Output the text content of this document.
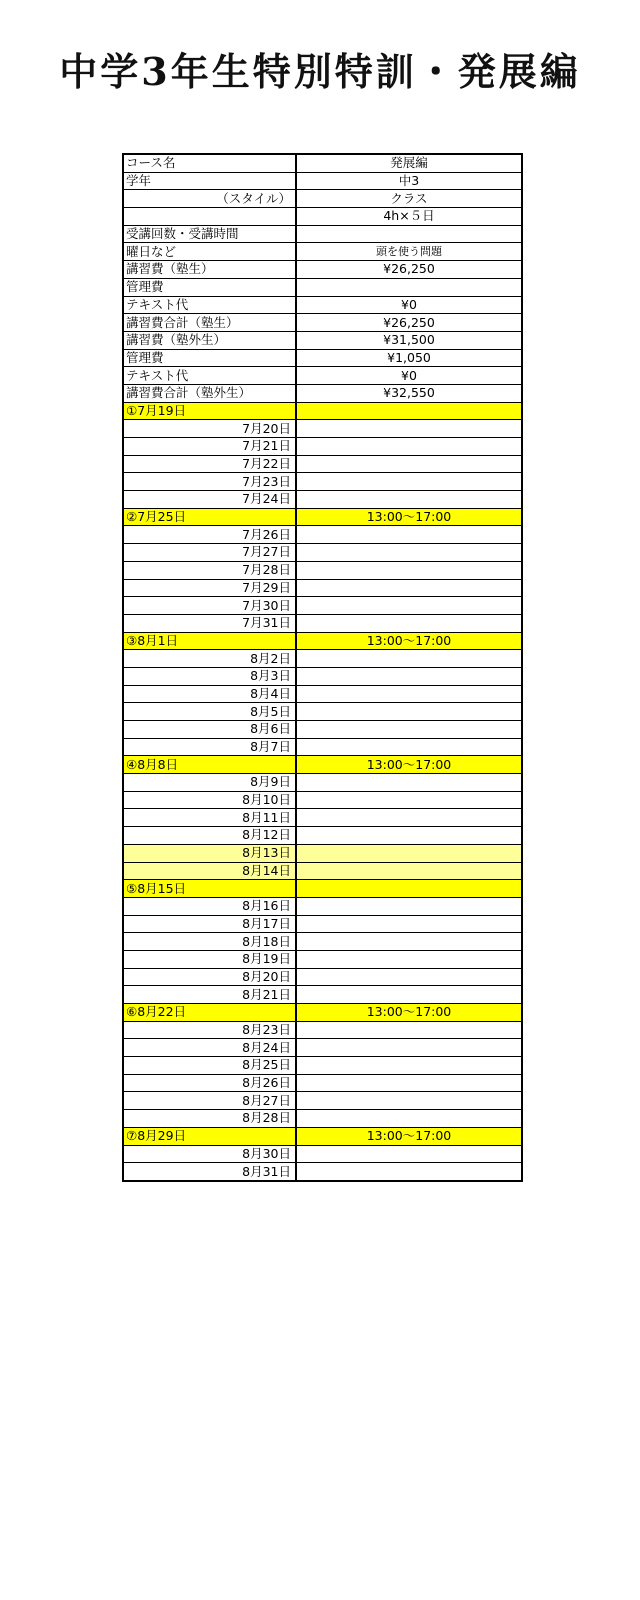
中学3年生特別特訓・発展編
コース名	発展編
学年	中3
（スタイル）	クラス
	4h×５日
受講回数・受講時間	
曜日など	頭を使う問題
講習費（塾生）	¥26,250
管理費	
テキスト代	¥0
講習費合計（塾生）	¥26,250
講習費（塾外生）	¥31,500
管理費	¥1,050
テキスト代	¥0
講習費合計（塾外生）	¥32,550
①7月19日	
7月20日	
7月21日	
7月22日	
7月23日	
7月24日	
②7月25日	13:00～17:00
7月26日	
7月27日	
7月28日	
7月29日	
7月30日	
7月31日	
③8月1日	13:00～17:00
8月2日	
8月3日	
8月4日	
8月5日	
8月6日	
8月7日	
④8月8日	13:00～17:00
8月9日	
8月10日	
8月11日	
8月12日	
8月13日	
8月14日	
⑤8月15日	
8月16日	
8月17日	
8月18日	
8月19日	
8月20日	
8月21日	
⑥8月22日	13:00～17:00
8月23日	
8月24日	
8月25日	
8月26日	
8月27日	
8月28日	
⑦8月29日	13:00～17:00
8月30日	
8月31日	
